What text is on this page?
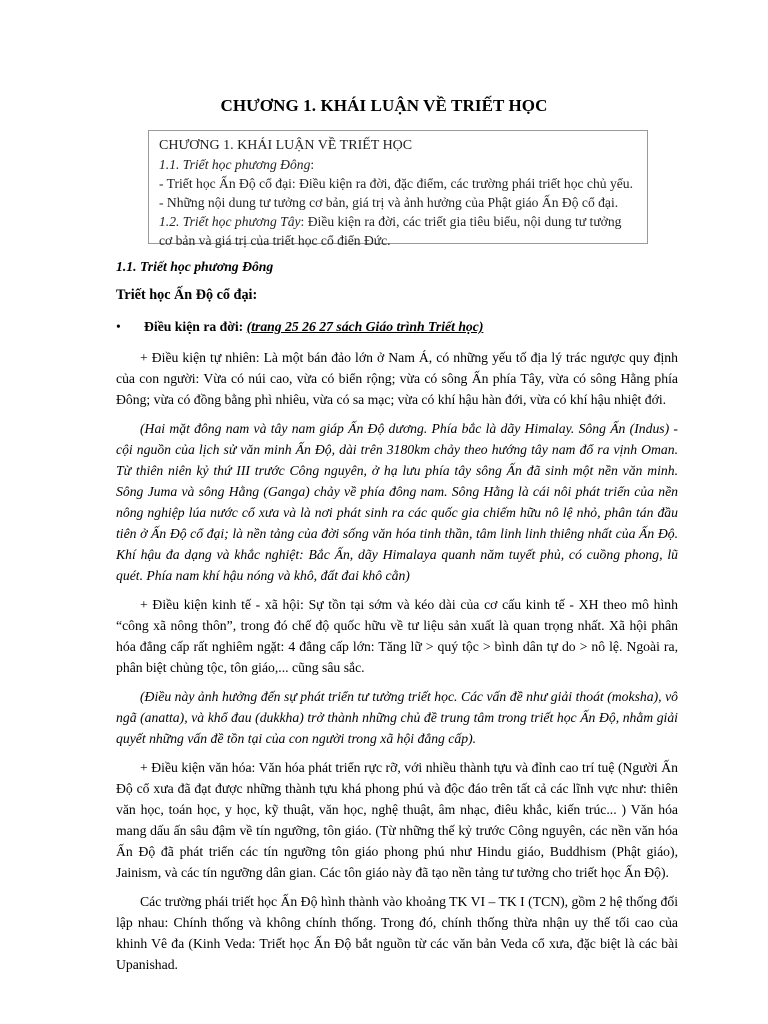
CHƯƠNG 1. KHÁI LUẬN VỀ TRIẾT HỌC
CHƯƠNG 1. KHÁI LUẬN VỀ TRIẾT HỌC
1.1. Triết học phương Đông:
- Triết học Ấn Độ cổ đại: Điều kiện ra đời, đặc điểm, các trường phái triết học chủ yếu.
- Những nội dung tư tưởng cơ bản, giá trị và ảnh hưởng của Phật giáo Ấn Độ cổ đại.
1.2. Triết học phương Tây: Điều kiện ra đời, các triết gia tiêu biểu, nội dung tư tưởng cơ bản và giá trị của triết học cổ điển Đức.

1.1. Triết học phương Đông

Triết học Ấn Độ cổ đại:

•	Điều kiện ra đời: (trang 25 26 27 sách Giáo trình Triết học)

+ Điều kiện tự nhiên: Là một bán đảo lớn ở Nam Á, có những yếu tố địa lý trác ngược quy định của con người: Vừa có núi cao, vừa có biển rộng; vừa có sông Ấn phía Tây, vừa có sông Hằng phía Đông; vừa có đồng bằng phì nhiêu, vừa có sa mạc; vừa có khí hậu hàn đới, vừa có khí hậu nhiệt đới.

(Hai mặt đông nam và tây nam giáp Ấn Độ dương. Phía bắc là dãy Himalay. Sông Ấn (Indus) - cội nguồn của lịch sử văn minh Ấn Độ, dài trên 3180km chảy theo hướng tây nam đổ ra vịnh Oman. Từ thiên niên kỷ thứ III trước Công nguyên, ở hạ lưu phía tây sông Ấn đã sinh một nền văn minh. Sông Juma và sông Hằng (Ganga) chảy về phía đông nam. Sông Hằng là cái nôi phát triển của nền nông nghiệp lúa nước cổ xưa và là nơi phát sinh ra các quốc gia chiếm hữu nô lệ nhỏ, phân tán đầu tiên ở Ấn Độ cổ đại; là nền tảng của đời sống văn hóa tinh thần, tâm linh linh thiêng nhất của Ấn Độ. Khí hậu đa dạng và khắc nghiệt: Bắc Ấn, dãy Himalaya quanh năm tuyết phủ, có cuồng phong, lũ quét. Phía nam khí hậu nóng và khô, đất đai khô cằn)

+ Điều kiện kinh tế - xã hội: Sự tồn tại sớm và kéo dài của cơ cấu kinh tế - XH theo mô hình “công xã nông thôn”, trong đó chế độ quốc hữu về tư liệu sản xuất là quan trọng nhất. Xã hội phân hóa đẳng cấp rất nghiêm ngặt: 4 đẳng cấp lớn: Tăng lữ > quý tộc > bình dân tự do > nô lệ. Ngoài ra, phân biệt chủng tộc, tôn giáo,... cũng sâu sắc.

(Điều này ảnh hưởng đến sự phát triển tư tưởng triết học. Các vấn đề như giải thoát (moksha), vô ngã (anatta), và khổ đau (dukkha) trở thành những chủ đề trung tâm trong triết học Ấn Độ, nhằm giải quyết những vấn đề tồn tại của con người trong xã hội đẳng cấp).

+ Điều kiện văn hóa: Văn hóa phát triển rực rỡ, với nhiều thành tựu và đỉnh cao trí tuệ (Người Ấn Độ cổ xưa đã đạt được những thành tựu khá phong phú và độc đáo trên tất cả các lĩnh vực như: thiên văn học, toán học, y học, kỹ thuật, văn học, nghệ thuật, âm nhạc, điêu khắc, kiến trúc... ) Văn hóa mang dấu ấn sâu đậm về tín ngưỡng, tôn giáo. (Từ những thế kỷ trước Công nguyên, các nền văn hóa Ấn Độ đã phát triển các tín ngưỡng tôn giáo phong phú như Hindu giáo, Buddhism (Phật giáo), Jainism, và các tín ngưỡng dân gian. Các tôn giáo này đã tạo nền tảng tư tưởng cho triết học Ấn Độ).

Các trường phái triết học Ấn Độ hình thành vào khoảng TK VI – TK I (TCN), gồm 2 hệ thống đối lập nhau: Chính thống và không chính thống. Trong đó, chính thống thừa nhận uy thế tối cao của khinh Vê đa (Kinh Veda: Triết học Ấn Độ bắt nguồn từ các văn bản Veda cổ xưa, đặc biệt là các bài Upanishad.
